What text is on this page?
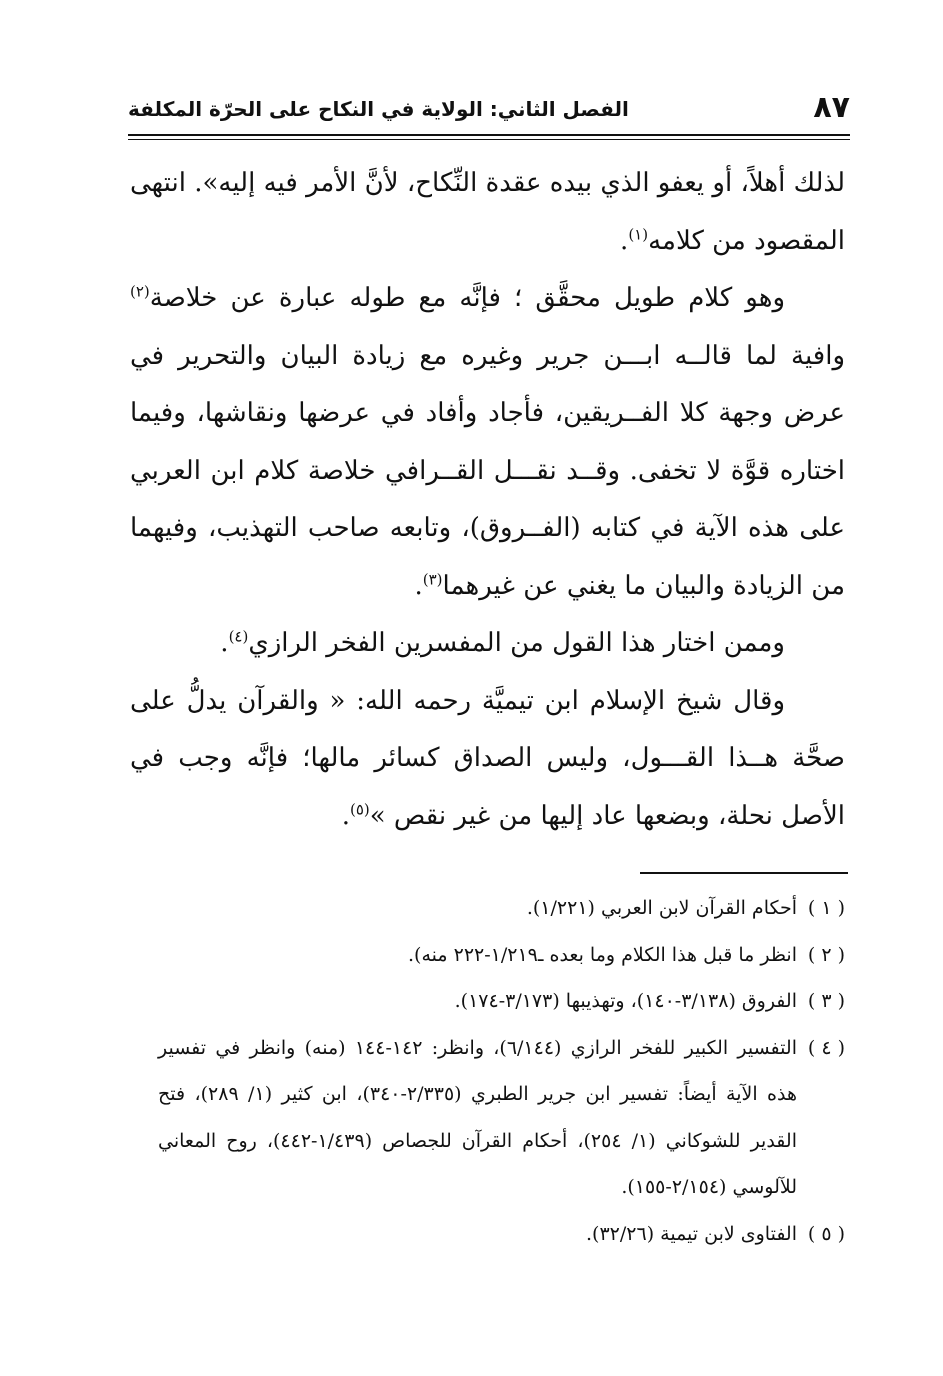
٨٧
الفصل الثاني: الولاية في النكاح على الحرّة المكلفة

لذلك أهلاً، أو يعفو الذي بيده عقدة النِّكاح، لأنَّ الأمر فيه إليه». انتهى المقصود من كلامه$^{(١)}$.

وهو كلام طويل محقَّق ؛ فإنَّه مع طوله عبارة عن خلاصة$^{(٢)}$ وافية لما قالــه ابـــن جرير وغيره مع زيادة البيان والتحرير في عرض وجهة كلا الفــريقين، فأجاد وأفاد في عرضها ونقاشها، وفيما اختاره قوَّة لا تخفى. وقــد نقـــل القــرافي خلاصة كلام ابن العربي على هذه الآية في كتابه (الفــروق)، وتابعه صاحب التهذيب، وفيهما من الزيادة والبيان ما يغني عن غيرهما$^{(٣)}$.

وممن اختار هذا القول من المفسرين الفخر الرازي$^{(٤)}$.

وقال شيخ الإسلام ابن تيميَّة رحمه الله: « والقرآن يدلُّ على صحَّة هــذا القـــول، وليس الصداق كسائر مالها؛ فإنَّه وجب في الأصل نحلة، وبضعها عاد إليها من غير نقص »$^{(٥)}$.

( ١ )
أحكام القرآن لابن العربي (١/٢٢١).

( ٢ )
انظر ما قبل هذا الكلام وما بعده ـ١/٢١٩-٢٢٢ منه).

( ٣ )
الفروق (٣/١٣٨-١٤٠)، وتهذيبها (٣/١٧٣-١٧٤).

( ٤ )
التفسير الكبير للفخر الرازي (٦/١٤٤)، وانظر: ١٤٢-١٤٤ (منه) وانظر في تفسير هذه الآية أيضاً: تفسير ابن جرير الطبري (٢/٣٣٥-٣٤٠)، ابن كثير (١/ ٢٨٩)، فتح القدير للشوكاني (١/ ٢٥٤)، أحكام القرآن للجصاص (١/٤٣٩-٤٤٢)، روح المعاني للآلوسي (٢/١٥٤-١٥٥).

( ٥ )
الفتاوى لابن تيمية (٣٢/٢٦).
